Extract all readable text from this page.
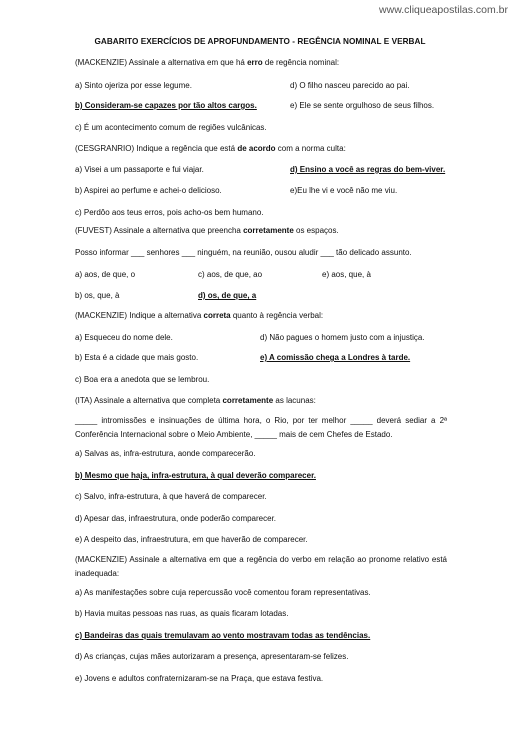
www.cliqueapostilas.com.br
GABARITO EXERCÍCIOS DE APROFUNDAMENTO - REGÊNCIA NOMINAL E VERBAL
(MACKENZIE) Assinale a alternativa em que há erro de regência nominal:
a) Sinto ojeriza por esse legume.	d) O filho nasceu parecido ao pai.
b) Consideram-se capazes por tão altos cargos.	e) Ele se sente orgulhoso de seus filhos.
c) É um acontecimento comum de regiões vulcânicas.
(CESGRANRIO) Indique a regência que está de acordo com a norma culta:
a) Visei a um passaporte e fui viajar.	d) Ensino a você as regras do bem-viver.
b) Aspirei ao perfume e achei-o delicioso.	e)Eu lhe vi e você não me viu.
c) Perdôo aos teus erros, pois acho-os bem humano.
(FUVEST) Assinale a alternativa que preencha corretamente os espaços.
Posso informar ___ senhores ___ ninguém, na reunião, ousou aludir ___ tão delicado assunto.
a) aos, de que, o	c) aos, de que, ao	e) aos, que, à
b) os, que, à	d) os, de que, a
(MACKENZIE) Indique a alternativa correta quanto à regência verbal:
a) Esqueceu do nome dele.	d) Não pagues o homem justo com a injustiça.
b) Esta é a cidade que mais gosto.	e) A comissão chega a Londres à tarde.
c) Boa era a anedota que se lembrou.
(ITA) Assinale a alternativa que completa corretamente as lacunas:
_____ intromissões e insinuações de última hora, o Rio, por ter melhor _____ deverá sediar a 2ª Conferência Internacional sobre o Meio Ambiente, _____ mais de cem Chefes de Estado.
a) Salvas as, infra-estrutura, aonde comparecerão.
b) Mesmo que haja, infra-estrutura, à qual deverão comparecer.
c) Salvo, infra-estrutura, à que haverá de comparecer.
d) Apesar das, infraestrutura, onde poderão comparecer.
e) A despeito das, infraestrutura, em que haverão de comparecer.
(MACKENZIE) Assinale a alternativa em que a regência do verbo em relação ao pronome relativo está inadequada:
a) As manifestações sobre cuja repercussão você comentou foram representativas.
b) Havia muitas pessoas nas ruas, as quais ficaram lotadas.
c) Bandeiras das quais tremulavam ao vento mostravam todas as tendências.
d) As crianças, cujas mães autorizaram a presença, apresentaram-se felizes.
e) Jovens e adultos confraternizaram-se na Praça, que estava festiva.
